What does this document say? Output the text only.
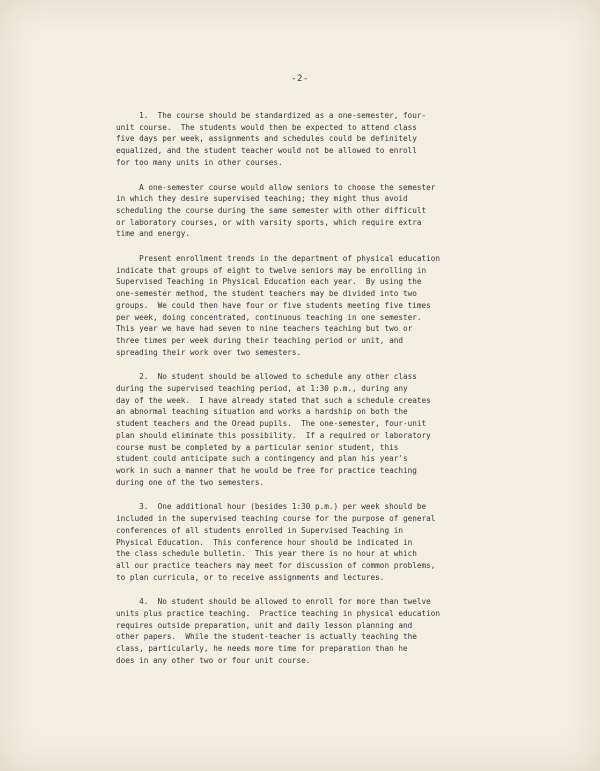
-2-
1.  The course should be standardized as a one-semester, four-
unit course.  The students would then be expected to attend class
five days per week, assignments and schedules could be definitely
equalized, and the student teacher would not be allowed to enroll
for too many units in other courses.
A one-semester course would allow seniors to choose the semester
in which they desire supervised teaching; they might thus avoid
scheduling the course during the same semester with other difficult
or laboratory courses, or with varsity sports, which require extra
time and energy.
Present enrollment trends in the department of physical education
indicate that groups of eight to twelve seniors may be enrolling in
Supervised Teaching in Physical Education each year.  By using the
one-semester method, the student teachers may be divided into two
groups.  We could then have four or five students meeting five times
per week, doing concentrated, continuous teaching in one semester.
This year we have had seven to nine teachers teaching but two or
three times per week during their teaching period or unit, and
spreading their work over two semesters.
2.  No student should be allowed to schedule any other class
during the supervised teaching period, at 1:30 p.m., during any
day of the week.  I have already stated that such a schedule creates
an abnormal teaching situation and works a hardship on both the
student teachers and the Oread pupils.  The one-semester, four-unit
plan should eliminate this possibility.  If a required or laboratory
course must be completed by a particular senior student, this
student could anticipate such a contingency and plan his year's
work in such a manner that he would be free for practice teaching
during one of the two semesters.
3.  One additional hour (besides 1:30 p.m.) per week should be
included in the supervised teaching course for the purpose of general
conferences of all students enrolled in Supervised Teaching in
Physical Education.  This conference hour should be indicated in
the class schedule bulletin.  This year there is no hour at which
all our practice teachers may meet for discussion of common problems,
to plan curricula, or to receive assignments and lectures.
4.  No student should be allowed to enroll for more than twelve
units plus practice teaching.  Practice teaching in physical education
requires outside preparation, unit and daily lesson planning and
other papers.  While the student-teacher is actually teaching the
class, particularly, he needs more time for preparation than he
does in any other two or four unit course.
